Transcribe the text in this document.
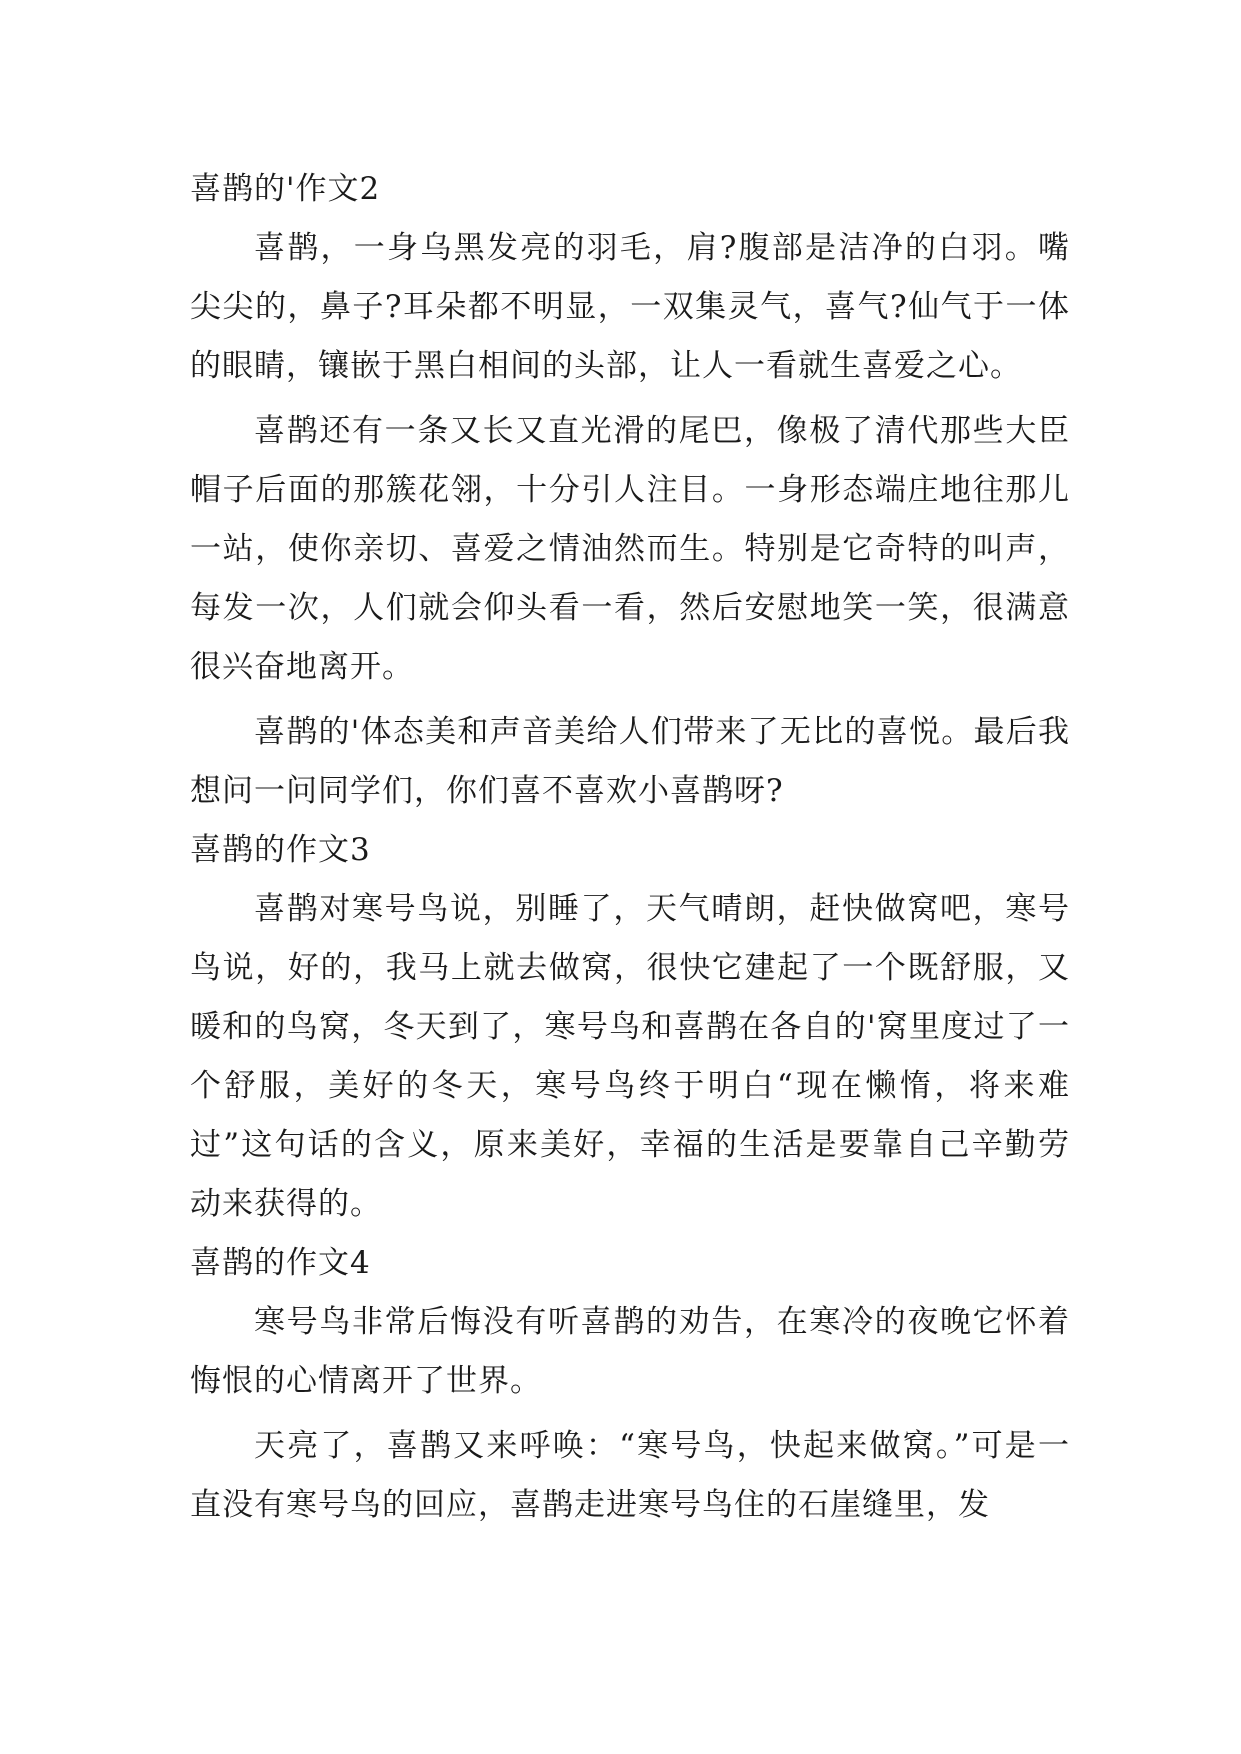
喜鹊的'作文2

喜鹊，一身乌黑发亮的羽毛，肩?腹部是洁净的白羽。嘴尖尖的，鼻子?耳朵都不明显，一双集灵气，喜气?仙气于一体的眼睛，镶嵌于黑白相间的头部，让人一看就生喜爱之心。

喜鹊还有一条又长又直光滑的尾巴，像极了清代那些大臣帽子后面的那簇花翎，十分引人注目。一身形态端庄地往那儿一站，使你亲切、喜爱之情油然而生。特别是它奇特的叫声，每发一次，人们就会仰头看一看，然后安慰地笑一笑，很满意很兴奋地离开。

喜鹊的'体态美和声音美给人们带来了无比的喜悦。最后我想问一问同学们，你们喜不喜欢小喜鹊呀?

喜鹊的作文3

喜鹊对寒号鸟说，别睡了，天气晴朗，赶快做窝吧，寒号鸟说，好的，我马上就去做窝，很快它建起了一个既舒服，又暖和的鸟窝，冬天到了，寒号鸟和喜鹊在各自的'窝里度过了一个舒服，美好的冬天，寒号鸟终于明白“现在懒惰，将来难过”这句话的含义，原来美好，幸福的生活是要靠自己辛勤劳动来获得的。

喜鹊的作文4

寒号鸟非常后悔没有听喜鹊的劝告，在寒冷的夜晚它怀着悔恨的心情离开了世界。

天亮了，喜鹊又来呼唤：“寒号鸟，快起来做窝。”可是一直没有寒号鸟的回应，喜鹊走进寒号鸟住的石崖缝里，发
